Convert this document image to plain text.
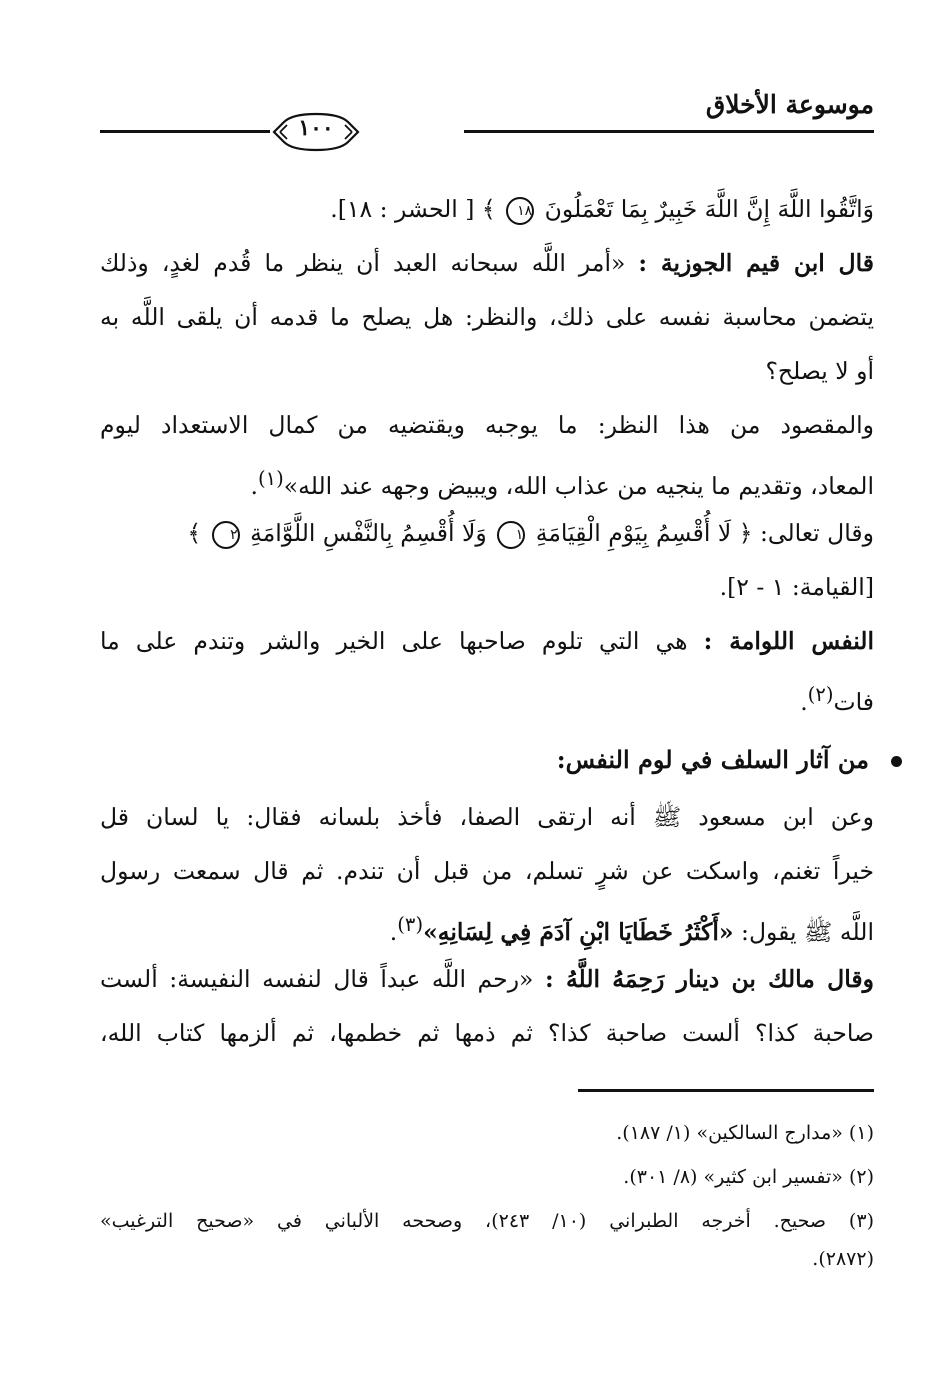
موسوعة الأخلاق
١٠٠
وَاتَّقُوا اللَّهَ إِنَّ اللَّهَ خَبِيرٌ بِمَا تَعْمَلُونَ ١٨ ﴾ [ الحشر : ١٨].
قال ابن قيم الجوزية : «أمر اللَّه سبحانه العبد أن ينظر ما قُدم لغدٍ، وذلك
يتضمن محاسبة نفسه على ذلك، والنظر: هل يصلح ما قدمه أن يلقى اللَّه به
أو لا يصلح؟
والمقصود من هذا النظر: ما يوجبه ويقتضيه من كمال الاستعداد ليوم
المعاد، وتقديم ما ينجيه من عذاب الله، ويبيض وجهه عند الله»$^{(١)}$.
وقال تعالى: ﴿ لَا أُقْسِمُ بِيَوْمِ الْقِيَامَةِ ١ وَلَا أُقْسِمُ بِالنَّفْسِ اللَّوَّامَةِ ٢ ﴾
[القيامة: ١ - ٢].
النفس اللوامة : هي التي تلوم صاحبها على الخير والشر وتندم على ما
فات$^{(٢)}$.
من آثار السلف في لوم النفس:
وعن ابن مسعود ﷺ أنه ارتقى الصفا، فأخذ بلسانه فقال: يا لسان قل
خيراً تغنم، واسكت عن شرٍ تسلم، من قبل أن تندم. ثم قال سمعت رسول
اللَّه ﷺ يقول: «أَكْثَرُ خَطَايَا ابْنِ آدَمَ فِي لِسَانِهِ»$^{(٣)}$.
وقال مالك بن دينار رَحِمَهُ اللَّهُ : «رحم اللَّه عبداً قال لنفسه النفيسة: ألست
صاحبة كذا؟ ألست صاحبة كذا؟ ثم ذمها ثم خطمها، ثم ألزمها كتاب الله،
(١) «مدارج السالكين» (١/ ١٨٧).
(٢) «تفسير ابن كثير» (٨/ ٣٠١).
(٣) صحيح. أخرجه الطبراني (١٠/ ٢٤٣)، وصححه الألباني في «صحيح الترغيب»
(٢٨٧٢).
